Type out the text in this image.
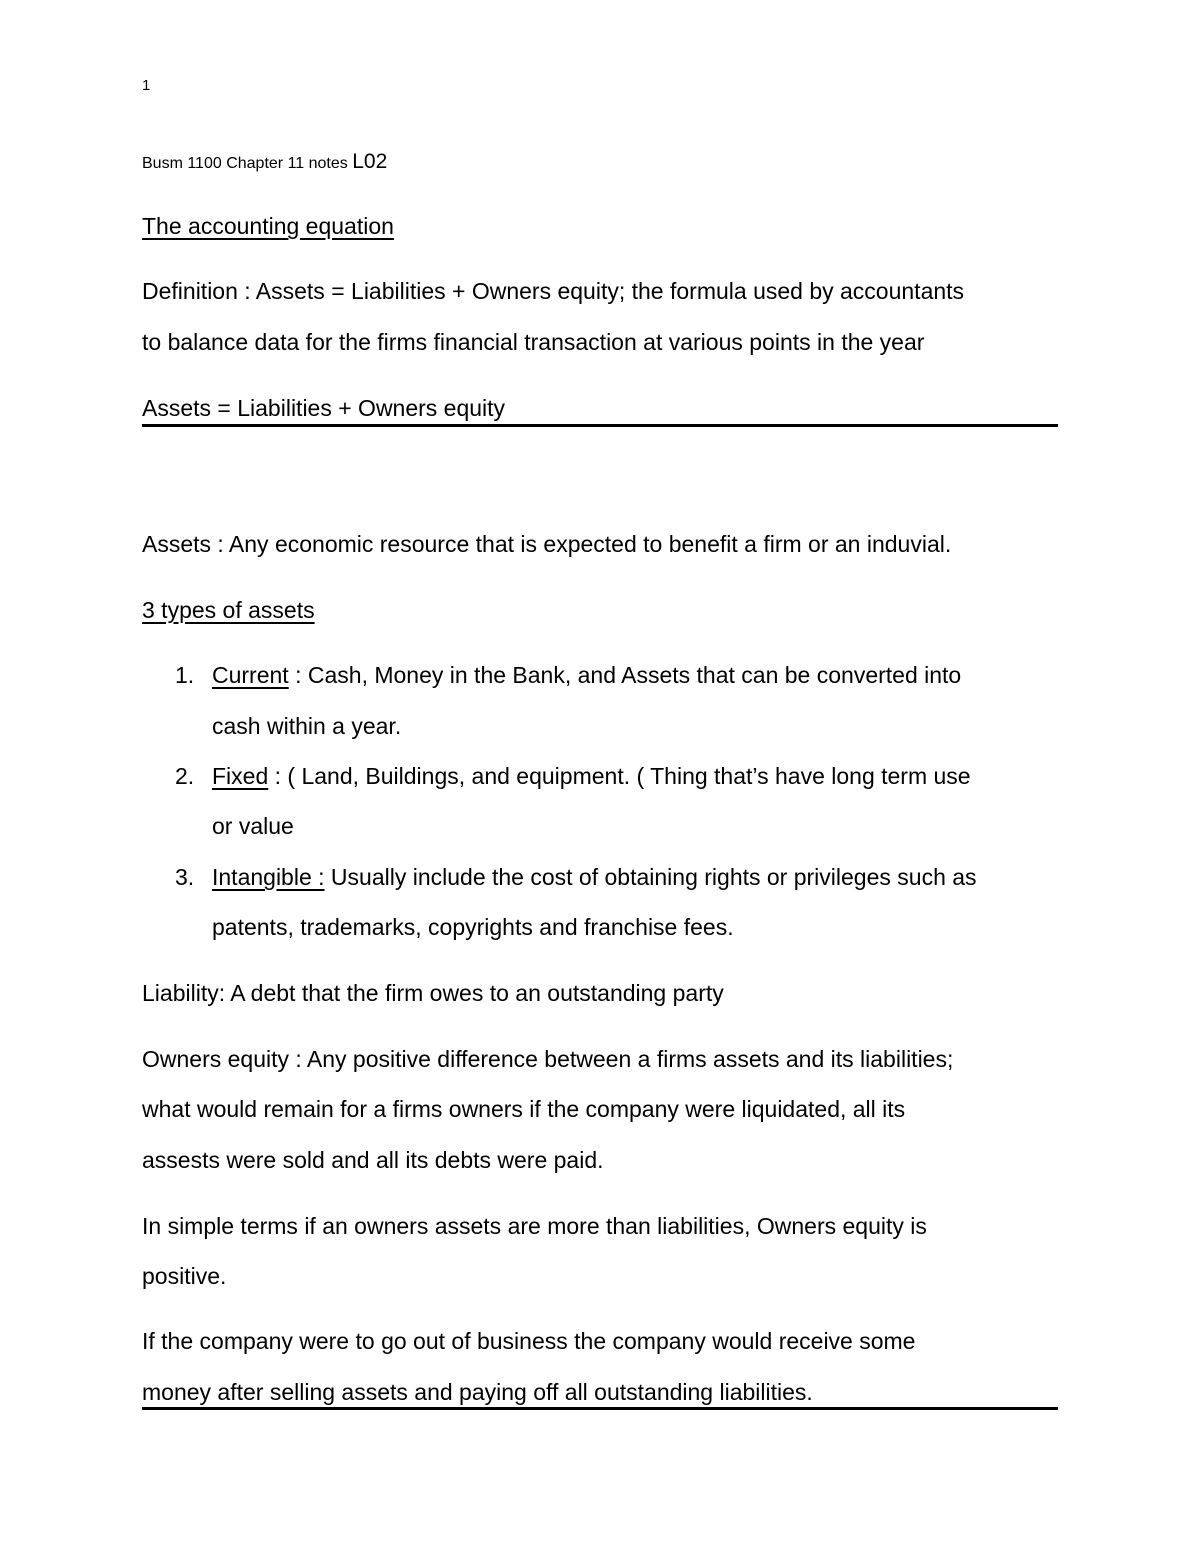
1
Busm 1100 Chapter 11 notes L02
The accounting equation
Definition : Assets = Liabilities + Owners equity; the formula used by accountants
to balance data for the firms financial transaction at various points in the year
Assets = Liabilities + Owners equity
Assets : Any economic resource that is expected to benefit a firm or an induvial.
3 types of assets
1. Current : Cash, Money in the Bank, and Assets that can be converted into
cash within a year.
2. Fixed : ( Land, Buildings, and equipment. ( Thing that’s have long term use
or value
3. Intangible : Usually include the cost of obtaining rights or privileges such as
patents, trademarks, copyrights and franchise fees.
Liability: A debt that the firm owes to an outstanding party
Owners equity : Any positive difference between a firms assets and its liabilities;
what would remain for a firms owners if the company were liquidated, all its
assests were sold and all its debts were paid.
In simple terms if an owners assets are more than liabilities, Owners equity is
positive.
If the company were to go out of business the company would receive some
money after selling assets and paying off all outstanding liabilities.
